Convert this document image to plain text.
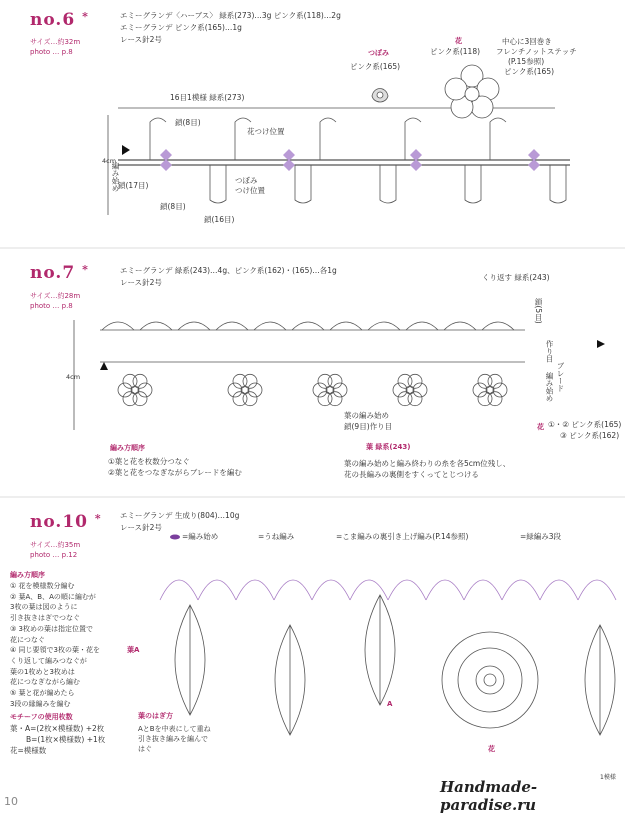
no.6 *
サイズ…約32m
photo … p.8
エミーグランデ〈ハーブス〉 緑系(273)…3g ピンク系(118)…2g
エミーグランデ ピンク系(165)…1g
レース針2号
つぼみ
ピンク系(165)
花
ピンク系(118)
中心に3回巻き
フレンチノットステッチ
(P.15参照)
ピンク系(165)
16目1模様 緑系(273)
鎖(8目)
花つけ位置
つぼみ
つけ位置
鎖(17目)
鎖(8目)
鎖(16目)
編み始め
4cm
no.7 *
サイズ…約28m
photo … p.8
エミーグランデ 緑系(243)…4g、ピンク系(162)・(165)…各1g
レース針2号
くり返す 緑系(243)
鎖(5目)
作り目
ブレード
編み始め
葉の編み始め
鎖(9目)作り目
葉 緑系(243)
花 ①・② ピンク系(165)
③ ピンク系(162)
編み方順序
①葉と花を枚数分つなぐ
②葉と花をつなぎながらブレードを編む
葉の編み始めと編み終わりの糸を各5cm位残し、
花の長編みの裏側をすくってとじつける
4cm
no.10 *
サイズ…約35m
photo … p.12
エミーグランデ 生成り(804)…10g
レース針2号
=編み始め	=うね編み	=こま編みの裏引き上げ編み(P.14参照)	=緑編み3段
編み方順序
① 花を模様数分編む
② 葉A、B、Aの順に編むが
3枚の葉は図のように
引き抜きはぎでつなぐ
③ 3枚めの葉は指定位置で
花につなぐ
④ 同じ要領で3枚の葉・花を
くり返して編みつなぐが
葉の1枚めと3枚めは
花につなぎながら編む
⑤ 葉と花が編めたら
3段の縁編みを編む
モチーフの使用枚数
葉・A=(2枚×模様数) +2枚
B=(1枚×模様数) +1枚
花=模様数
葉A
A
葉のはぎ方
AとBを中表にして重ね
引き抜き編みを編んで
はぐ	花
1模様
10
Handmade-paradise.ru
